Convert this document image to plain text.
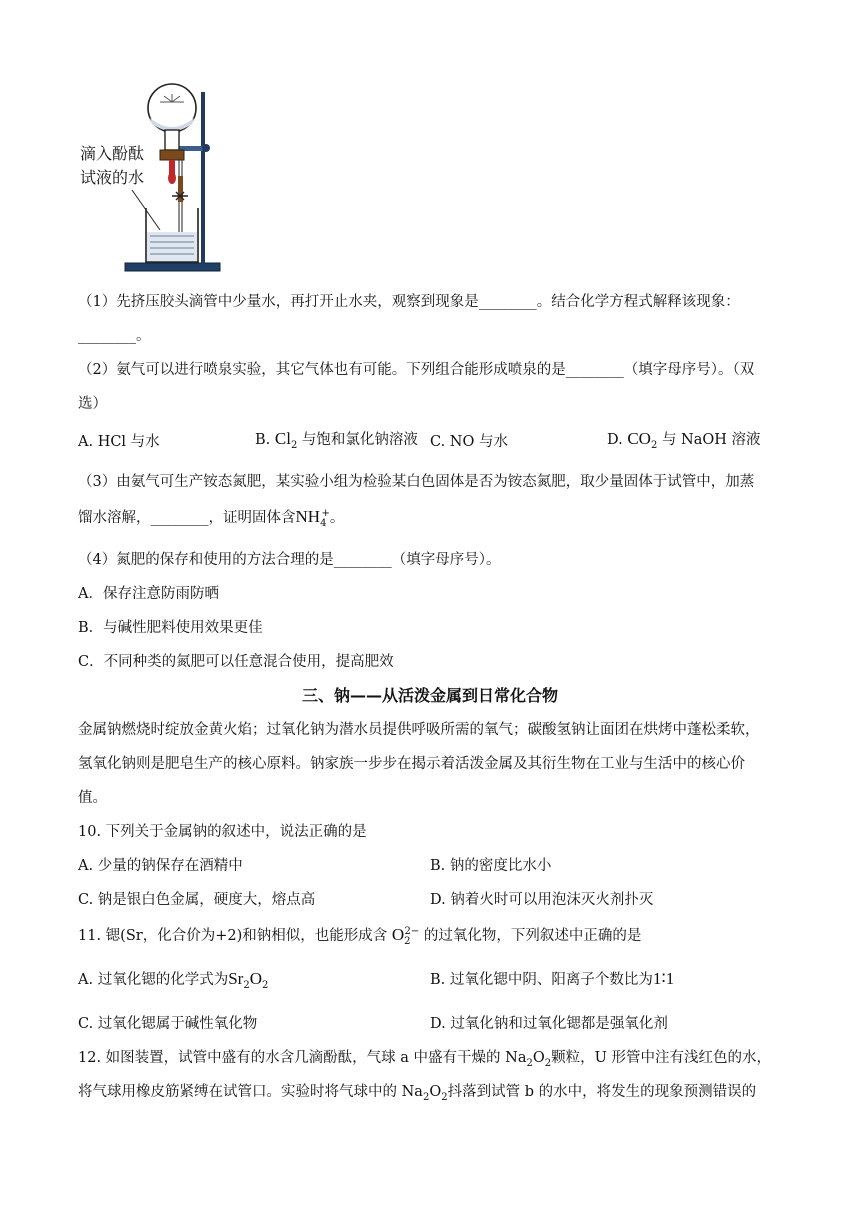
滴入酚酞
试液的水
（1）先挤压胶头滴管中少量水，再打开止水夹，观察到现象是________。结合化学方程式解释该现象：
________。
（2）氨气可以进行喷泉实验，其它气体也有可能。下列组合能形成喷泉的是________（填字母序号）。（双
选）
A. HCl 与水	B. $Cl_2$ 与饱和氯化钠溶液 C. NO 与水	D. $CO_2$ 与 NaOH 溶液
（3）由氨气可生产铵态氮肥，某实验小组为检验某白色固体是否为铵态氮肥，取少量固体于试管中，加蒸
馏水溶解，________，证明固体含$NH_4^+$。
（4）氮肥的保存和使用的方法合理的是________（填字母序号）。
A．保存注意防雨防晒
B．与碱性肥料使用效果更佳
C．不同种类的氮肥可以任意混合使用，提高肥效
三、钠——从活泼金属到日常化合物
金属钠燃烧时绽放金黄火焰；过氧化钠为潜水员提供呼吸所需的氧气；碳酸氢钠让面团在烘烤中蓬松柔软，
氢氧化钠则是肥皂生产的核心原料。钠家族一步步在揭示着活泼金属及其衍生物在工业与生活中的核心价
值。
10. 下列关于金属钠的叙述中，说法正确的是
A. 少量的钠保存在酒精中	B. 钠的密度比水小
C. 钠是银白色金属，硬度大，熔点高	D. 钠着火时可以用泡沫灭火剂扑灭
11. 锶(Sr，化合价为+2)和钠相似，也能形成含 $O_2^{2-}$ 的过氧化物，下列叙述中正确的是
A. 过氧化锶的化学式为$Sr_2O_2$	B. 过氧化锶中阴、阳离子个数比为1∶1
C. 过氧化锶属于碱性氧化物	D. 过氧化钠和过氧化锶都是强氧化剂
12. 如图装置，试管中盛有的水含几滴酚酞，气球 a 中盛有干燥的 $Na_2O_2$颗粒，U 形管中注有浅红色的水，
将气球用橡皮筋紧缚在试管口。实验时将气球中的 $Na_2O_2$抖落到试管 b 的水中，将发生的现象预测错误的
